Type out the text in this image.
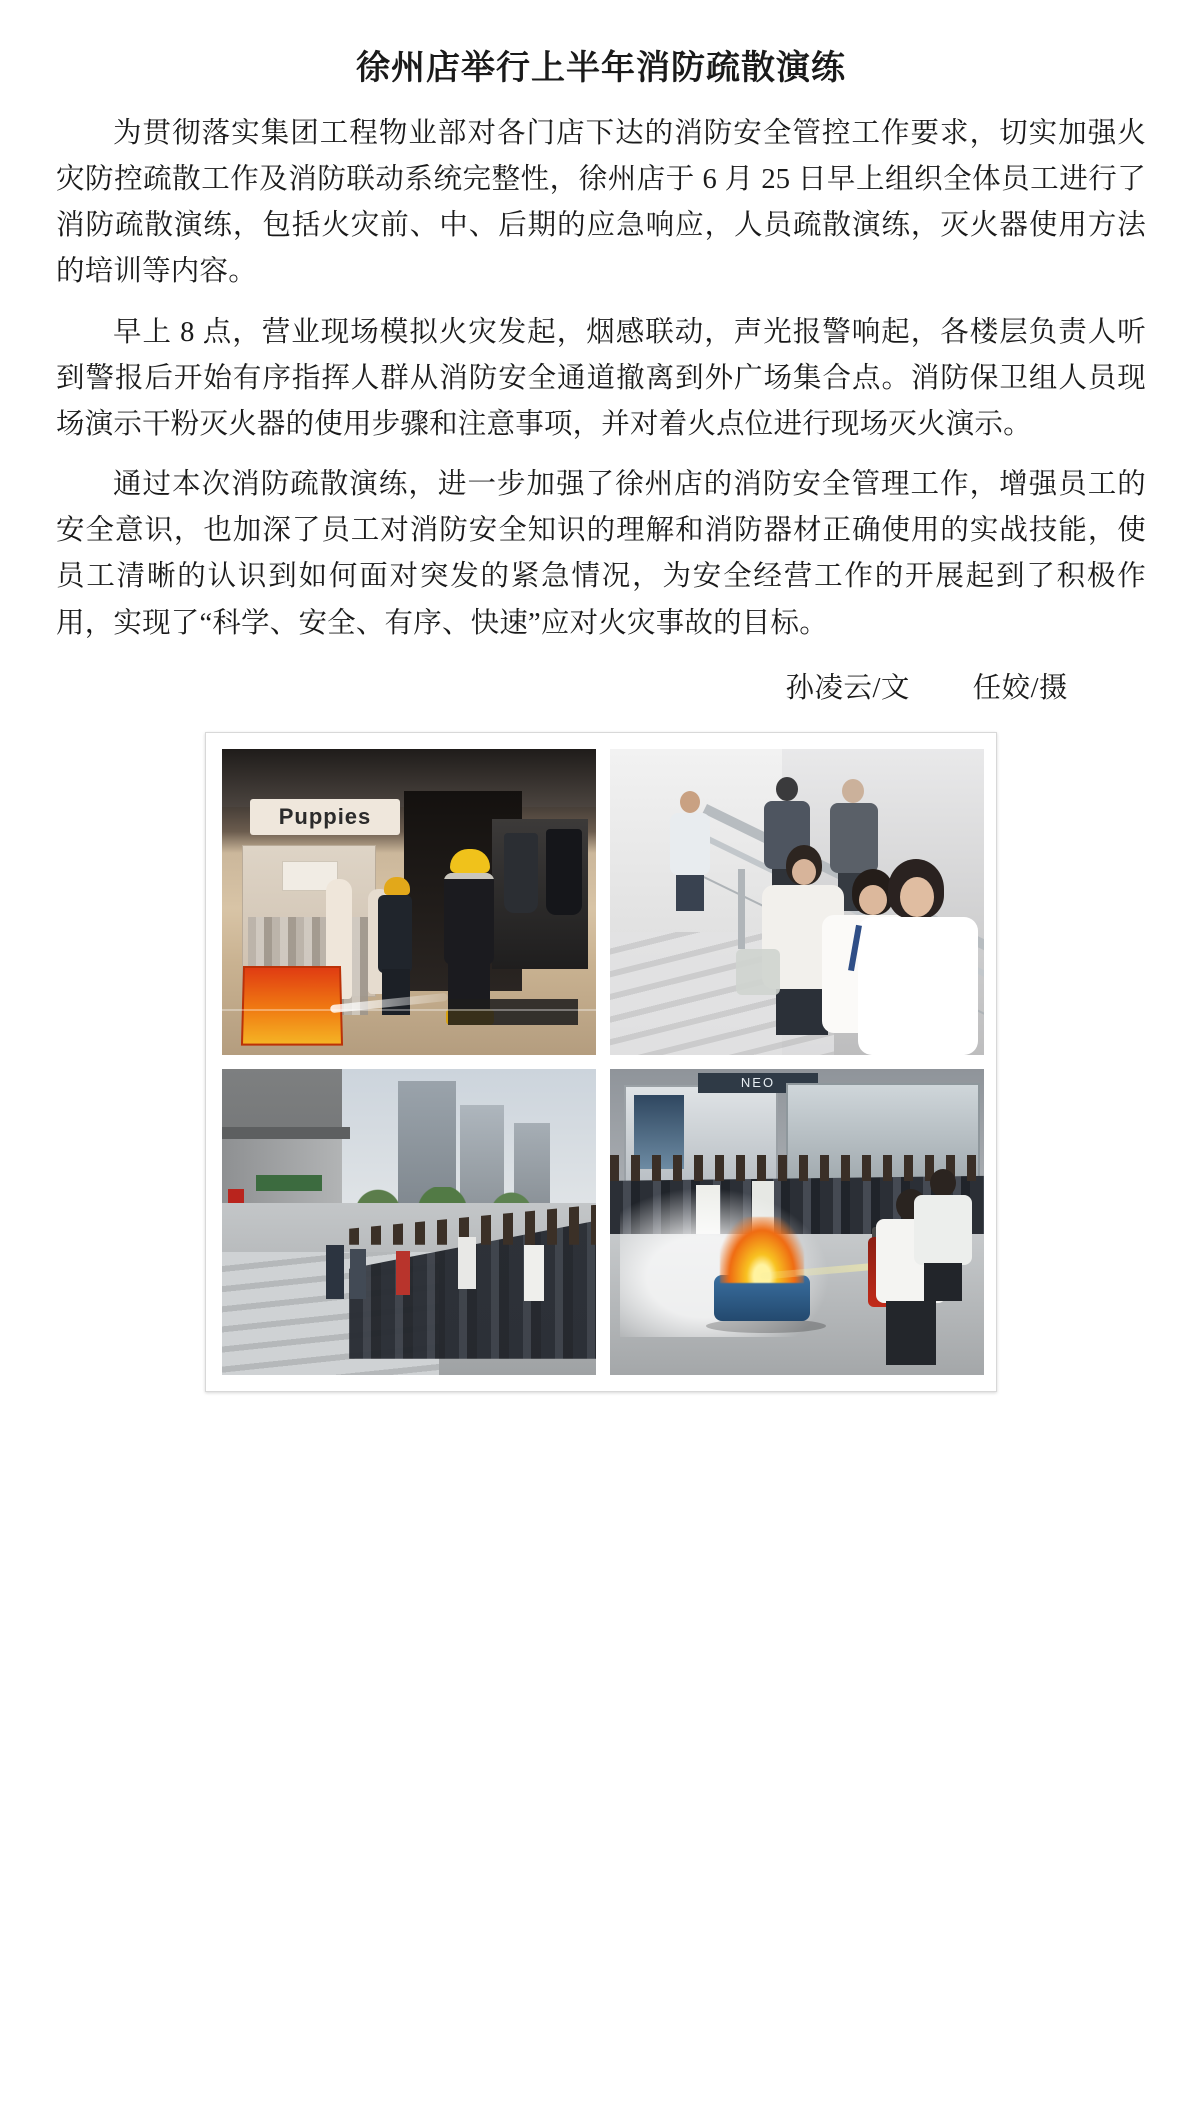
徐州店举行上半年消防疏散演练

为贯彻落实集团工程物业部对各门店下达的消防安全管控工作要求，切实加强火灾防控疏散工作及消防联动系统完整性，徐州店于 6 月 25 日早上组织全体员工进行了消防疏散演练，包括火灾前、中、后期的应急响应，人员疏散演练，灭火器使用方法的培训等内容。

早上 8 点，营业现场模拟火灾发起，烟感联动，声光报警响起，各楼层负责人听到警报后开始有序指挥人群从消防安全通道撤离到外广场集合点。消防保卫组人员现场演示干粉灭火器的使用步骤和注意事项，并对着火点位进行现场灭火演示。

通过本次消防疏散演练，进一步加强了徐州店的消防安全管理工作，增强员工的安全意识，也加深了员工对消防安全知识的理解和消防器材正确使用的实战技能，使员工清晰的认识到如何面对突发的紧急情况，为安全经营工作的开展起到了积极作用，实现了“科学、安全、有序、快速”应对火灾事故的目标。

孙凌云/文 任姣/摄
Puppies
NEO
